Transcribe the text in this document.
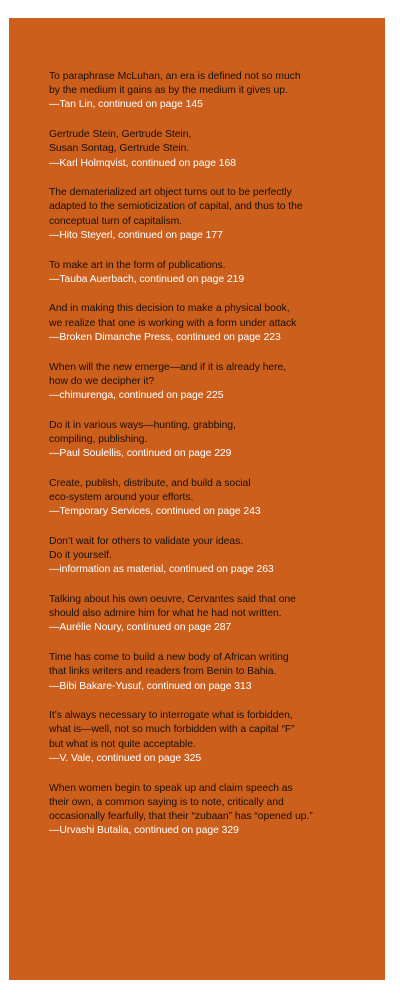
To paraphrase McLuhan, an era is defined not so much
by the medium it gains as by the medium it gives up.
—Tan Lin, continued on page 145
Gertrude Stein, Gertrude Stein,
Susan Sontag, Gertrude Stein.
—Karl Holmqvist, continued on page 168
The dematerialized art object turns out to be perfectly
adapted to the semioticization of capital, and thus to the
conceptual turn of capitalism.
—Hito Steyerl, continued on page 177
To make art in the form of publications.
—Tauba Auerbach, continued on page 219
And in making this decision to make a physical book,
we realize that one is working with a form under attack
—Broken Dimanche Press, continued on page 223
When will the new emerge—and if it is already here,
how do we decipher it?
—chimurenga, continued on page 225
Do it in various ways—hunting, grabbing,
compiling, publishing.
—Paul Soulellis, continued on page 229
Create, publish, distribute, and build a social
eco-system around your efforts.
—Temporary Services, continued on page 243
Don’t wait for others to validate your ideas.
Do it yourself.
—information as material, continued on page 263
Talking about his own oeuvre, Cervantes said that one
should also admire him for what he had not written.
—Aurélie Noury, continued on page 287
Time has come to build a new body of African writing
that links writers and readers from Benin to Bahia.
—Bibi Bakare-Yusuf, continued on page 313
It’s always necessary to interrogate what is forbidden,
what is—well, not so much forbidden with a capital “F”
but what is not quite acceptable.
—V. Vale, continued on page 325
When women begin to speak up and claim speech as
their own, a common saying is to note, critically and
occasionally fearfully, that their “zubaan” has “opened up.”
—Urvashi Butalia, continued on page 329
